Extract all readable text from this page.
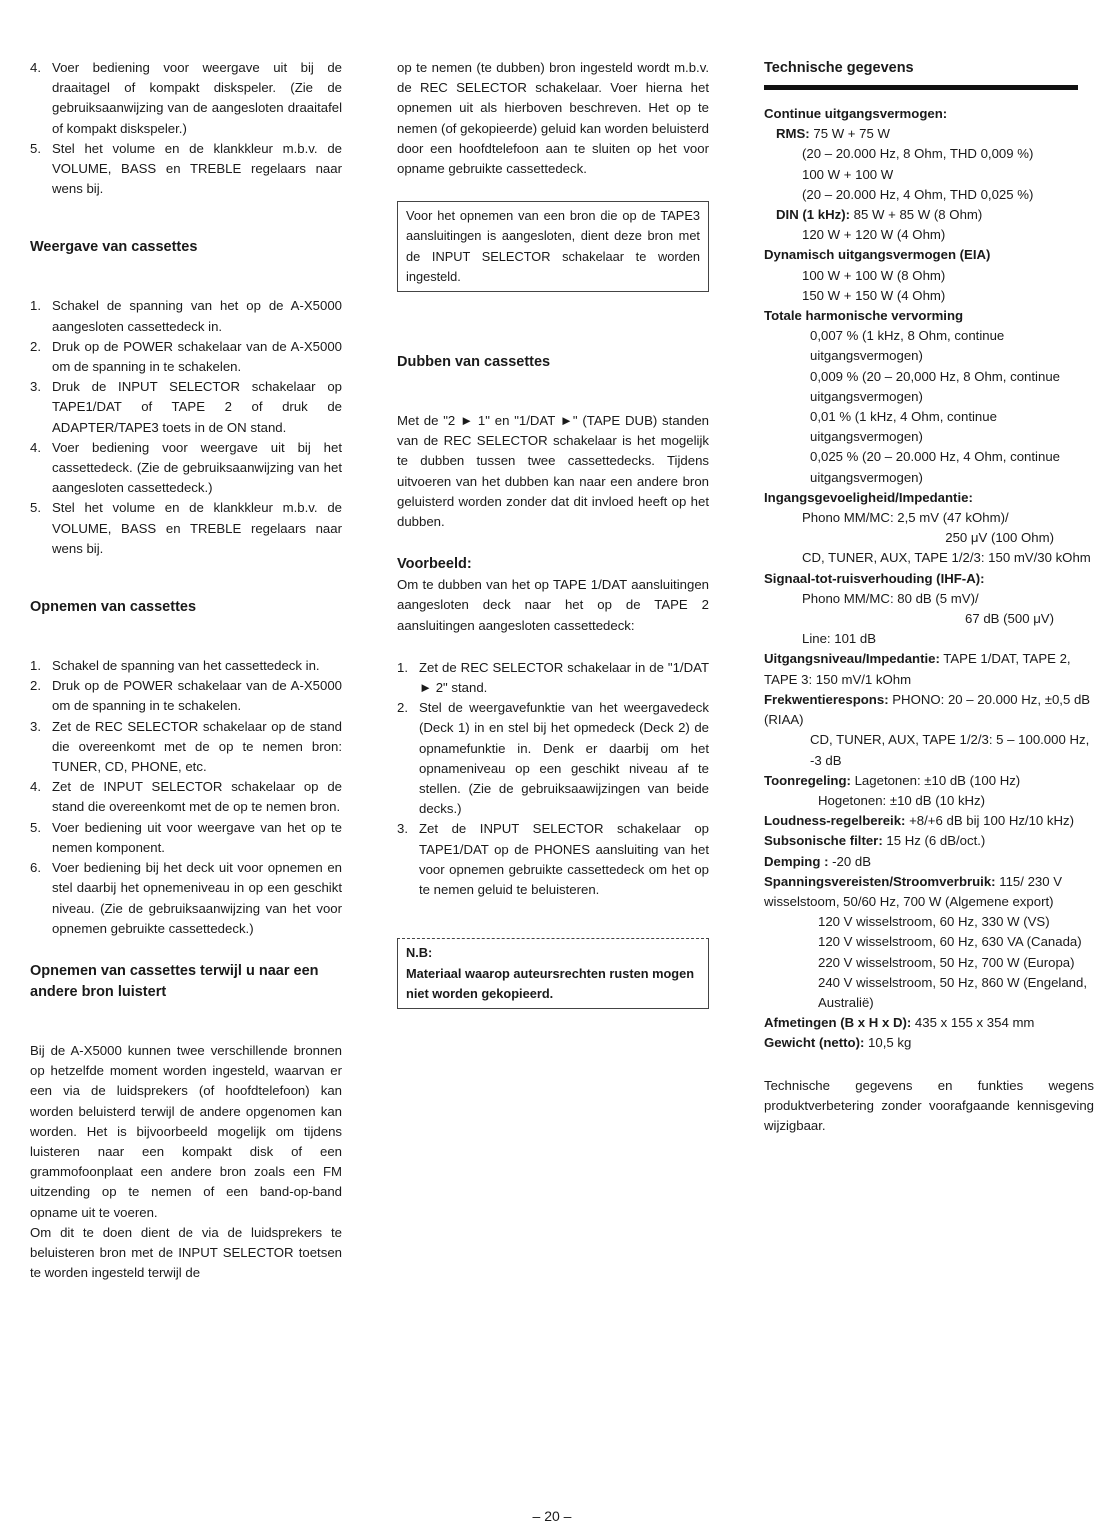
4. Voer bediening voor weergave uit bij de draaitagel of kompakt diskspeler. (Zie de gebruiksaanwijzing van de aangesloten draaitafel of kompakt diskspeler.)
5. Stel het volume en de klankkleur m.b.v. de VOLUME, BASS en TREBLE regelaars naar wens bij.
Weergave van cassettes
1. Schakel de spanning van het op de A-X5000 aangesloten cassettedeck in.
2. Druk op de POWER schakelaar van de A-X5000 om de spanning in te schakelen.
3. Druk de INPUT SELECTOR schakelaar op TAPE1/DAT of TAPE 2 of druk de ADAPTER/TAPE3 toets in de ON stand.
4. Voer bediening voor weergave uit bij het cassettedeck. (Zie de gebruiksaanwijzing van het aangesloten cassettedeck.)
5. Stel het volume en de klankkleur m.b.v. de VOLUME, BASS en TREBLE regelaars naar wens bij.
Opnemen van cassettes
1. Schakel de spanning van het cassettedeck in.
2. Druk op de POWER schakelaar van de A-X5000 om de spanning in te schakelen.
3. Zet de REC SELECTOR schakelaar op de stand die overeenkomt met de op te nemen bron: TUNER, CD, PHONE, etc.
4. Zet de INPUT SELECTOR schakelaar op de stand die overeenkomt met de op te nemen bron.
5. Voer bediening uit voor weergave van het op te nemen komponent.
6. Voer bediening bij het deck uit voor opnemen en stel daarbij het opnemeniveau in op een geschikt niveau. (Zie de gebruiksaanwijzing van het voor opnemen gebruikte cassettedeck.)
Opnemen van cassettes terwijl u naar een andere bron luistert
Bij de A-X5000 kunnen twee verschillende bronnen op hetzelfde moment worden ingesteld, waarvan er een via de luidsprekers (of hoofdtelefoon) kan worden beluisterd terwijl de andere opgenomen kan worden. Het is bijvoorbeeld mogelijk om tijdens luisteren naar een kompakt disk of een grammofoonplaat een andere bron zoals een FM uitzending op te nemen of een band-op-band opname uit te voeren.
Om dit te doen dient de via de luidsprekers te beluisteren bron met de INPUT SELECTOR toetsen te worden ingesteld terwijl de
op te nemen (te dubben) bron ingesteld wordt m.b.v. de REC SELECTOR schakelaar. Voer hierna het opnemen uit als hierboven beschreven. Het op te nemen (of gekopieerde) geluid kan worden beluisterd door een hoofdtelefoon aan te sluiten op het voor opname gebruikte cassettedeck.
Voor het opnemen van een bron die op de TAPE3 aansluitingen is aangesloten, dient deze bron met de INPUT SELECTOR schakelaar te worden ingesteld.
Dubben van cassettes
Met de "2 ► 1" en "1/DAT ►" (TAPE DUB) standen van de REC SELECTOR schakelaar is het mogelijk te dubben tussen twee cassettedecks. Tijdens uitvoeren van het dubben kan naar een andere bron geluisterd worden zonder dat dit invloed heeft op het dubben.
Voorbeeld:
Om te dubben van het op TAPE 1/DAT aansluitingen aangesloten deck naar het op de TAPE 2 aansluitingen aangesloten cassettedeck:
1. Zet de REC SELECTOR schakelaar in de "1/DAT ► 2" stand.
2. Stel de weergavefunktie van het weergavedeck (Deck 1) in en stel bij het opmedeck (Deck 2) de opnamefunktie in. Denk er daarbij om het opnameniveau op een geschikt niveau af te stellen. (Zie de gebruiksaawijzingen van beide decks.)
3. Zet de INPUT SELECTOR schakelaar op TAPE1/DAT op de PHONES aansluiting van het voor opnemen gebruikte cassettedeck om het op te nemen geluid te beluisteren.
N.B:
Materiaal waarop auteursrechten rusten mogen niet worden gekopieerd.
Technische gegevens
Continue uitgangsvermogen:
RMS: 75 W + 75 W
(20 – 20.000 Hz, 8 Ohm, THD 0,009 %)
100 W + 100 W
(20 – 20.000 Hz, 4 Ohm, THD 0,025 %)
DIN (1 kHz): 85 W + 85 W (8 Ohm)
120 W + 120 W (4 Ohm)
Dynamisch uitgangsvermogen (EIA)
100 W + 100 W (8 Ohm)
150 W + 150 W (4 Ohm)
Totale harmonische vervorming
0,007 % (1 kHz, 8 Ohm, continue uitgangsvermogen)
0,009 % (20 – 20,000 Hz, 8 Ohm, continue uitgangsvermogen)
0,01 % (1 kHz, 4 Ohm, continue uitgangsvermogen)
0,025 % (20 – 20.000 Hz, 4 Ohm, continue uitgangsvermogen)
Ingangsgevoeligheid/Impedantie:
Phono MM/MC: 2,5 mV (47 kOhm)/
250 μV (100 Ohm)
CD, TUNER, AUX, TAPE 1/2/3: 150 mV/30 kOhm
Signaal-tot-ruisverhouding (IHF-A):
Phono MM/MC: 80 dB (5 mV)/
67 dB (500 μV)
Line: 101 dB
Uitgangsniveau/Impedantie: TAPE 1/DAT, TAPE 2, TAPE 3: 150 mV/1 kOhm
Frekwentierespons: PHONO: 20 – 20.000 Hz, ±0,5 dB (RIAA)
CD, TUNER, AUX, TAPE 1/2/3: 5 – 100.000 Hz, -3 dB
Toonregeling: Lagetonen: ±10 dB (100 Hz)
Hogetonen: ±10 dB (10 kHz)
Loudness-regelbereik: +8/+6 dB bij 100 Hz/10 kHz)
Subsonische filter: 15 Hz (6 dB/oct.)
Demping : -20 dB
Spanningsvereisten/Stroomverbruik: 115/ 230 V wisselstoom, 50/60 Hz, 700 W (Algemene export)
120 V wisselstroom, 60 Hz, 330 W (VS)
120 V wisselstroom, 60 Hz, 630 VA (Canada)
220 V wisselstroom, 50 Hz, 700 W (Europa)
240 V wisselstroom, 50 Hz, 860 W (Engeland, Australië)
Afmetingen (B x H x D): 435 x 155 x 354 mm
Gewicht (netto): 10,5 kg
Technische gegevens en funkties wegens produktverbetering zonder voorafgaande kennisgeving wijzigbaar.
– 20 –
